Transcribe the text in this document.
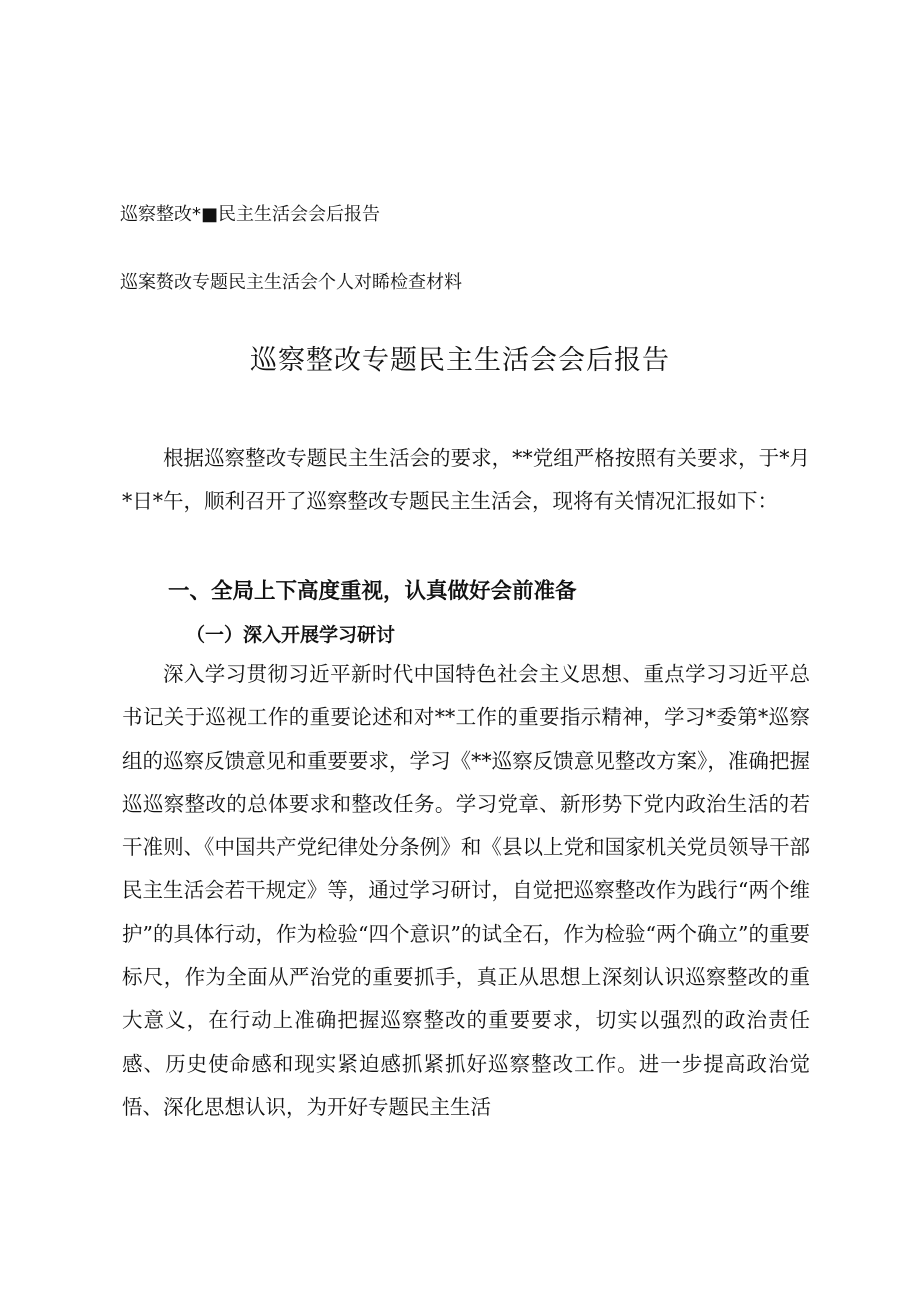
巡察整改*■民主生活会会后报告
巡案赘改专题民主生活会个人对睎检查材料
巡察整改专题民主生活会会后报告

根据巡察整改专题民主生活会的要求，**党组严格按照有关要求，于*月*日*午，顺利召开了巡察整改专题民主生活会，现将有关情况汇报如下：

一、全局上下高度重视，认真做好会前准备
（一）深入开展学习研讨

深入学习贯彻习近平新时代中国特色社会主义思想、重点学习习近平总书记关于巡视工作的重要论述和对**工作的重要指示精神，学习*委第*巡察组的巡察反馈意见和重要要求，学习《**巡察反馈意见整改方案》，准确把握巡巡察整改的总体要求和整改任务。学习党章、新形势下党内政治生活的若干准则、《中国共产党纪律处分条例》和《县以上党和国家机关党员领导干部民主生活会若干规定》等，通过学习研讨，自觉把巡察整改作为践行“两个维护”的具体行动，作为检验“四个意识”的试全石，作为检验“两个确立”的重要标尺，作为全面从严治党的重要抓手，真正从思想上深刻认识巡察整改的重大意义，在行动上准确把握巡察整改的重要要求，切实以强烈的政治责任感、历史使命感和现实紧迫感抓紧抓好巡察整改工作。进一步提高政治觉悟、深化思想认识，为开好专题民主生活
